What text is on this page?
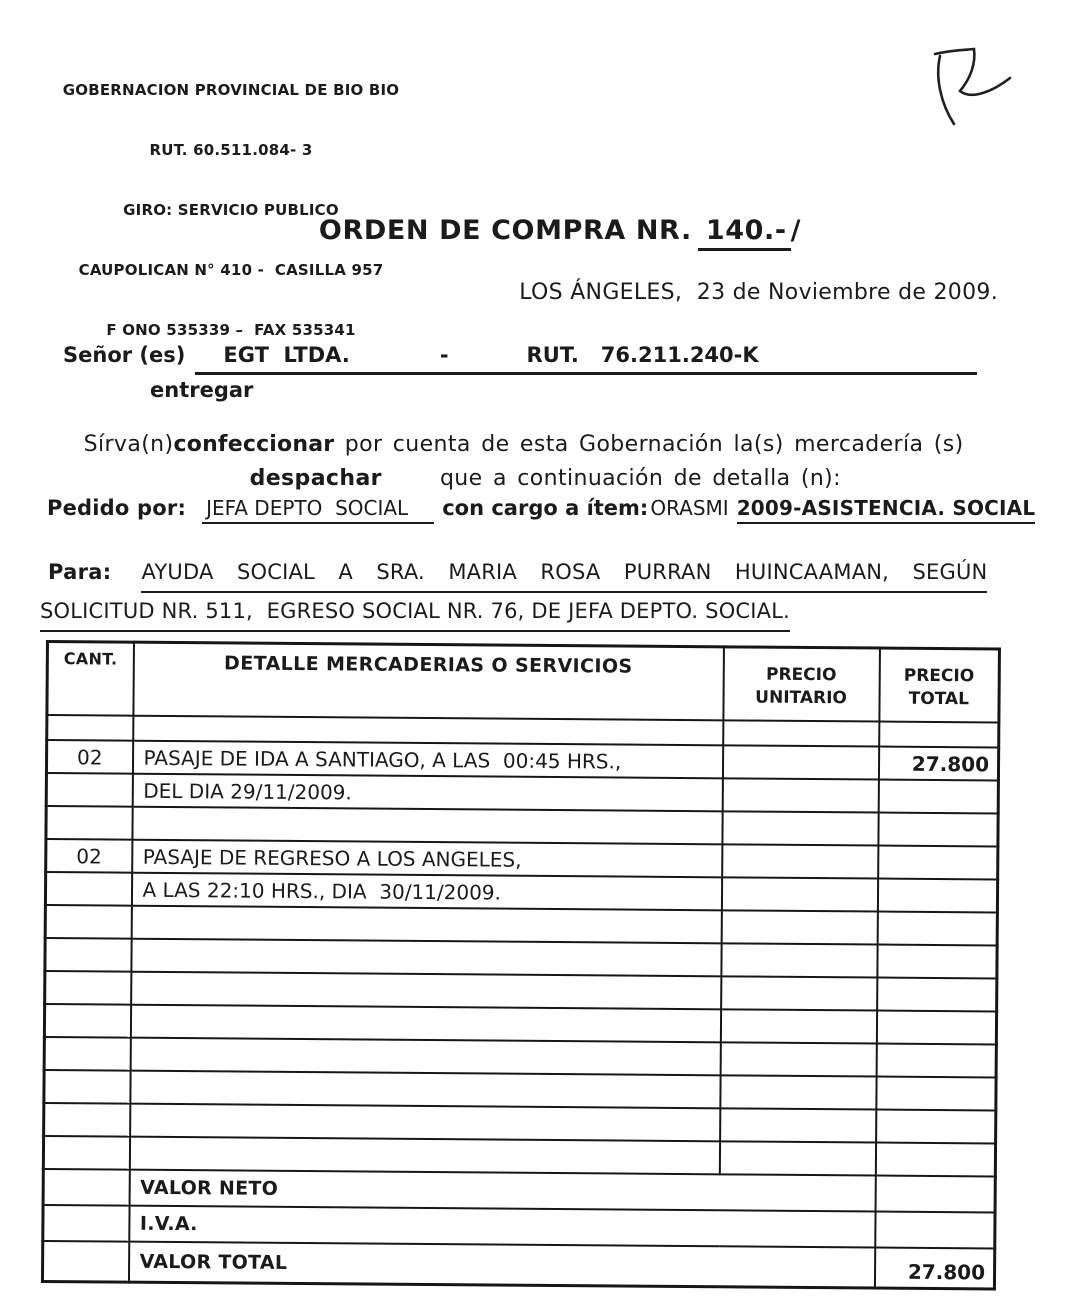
GOBERNACION PROVINCIAL DE BIO BIO

RUT. 60.511.084- 3

GIRO: SERVICIO PUBLICO

CAUPOLICAN N° 410 -  CASILLA 957

F ONO 535339 –  FAX 535341

ORDEN DE COMPRA NR. 140.- /

LOS ÁNGELES,  23 de Noviembre de 2009.
Señor (es) EGT  LTDA.	-	RUT.   76.211.240-K
entregar

Sírva(n)confeccionar por cuenta de esta Gobernación la(s) mercadería (s)

despachar	que a continuación de detalla (n):

Pedido por: JEFA DEPTO  SOCIAL	con cargo a ítem: ORASMI 2009-ASISTENCIA. SOCIAL
Para: AYUDA SOCIAL A SRA. MARIA ROSA PURRAN HUINCAAMAN, SEGÚN
SOLICITUD NR. 511,  EGRESO SOCIAL NR. 76, DE JEFA DEPTO. SOCIAL.
CANT.	DETALLE MERCADERIAS O SERVICIOS	PRECIO UNITARIO	PRECIO TOTAL

02	PASAJE DE IDA A SANTIAGO, A LAS  00:45 HRS.,		27.800
	DEL DIA 29/11/2009.		

02	PASAJE DE REGRESO A LOS ANGELES,		
	A LAS 22:10 HRS., DIA  30/11/2009.		

	VALOR NETO		
	I.V.A.		
	VALOR TOTAL		27.800
